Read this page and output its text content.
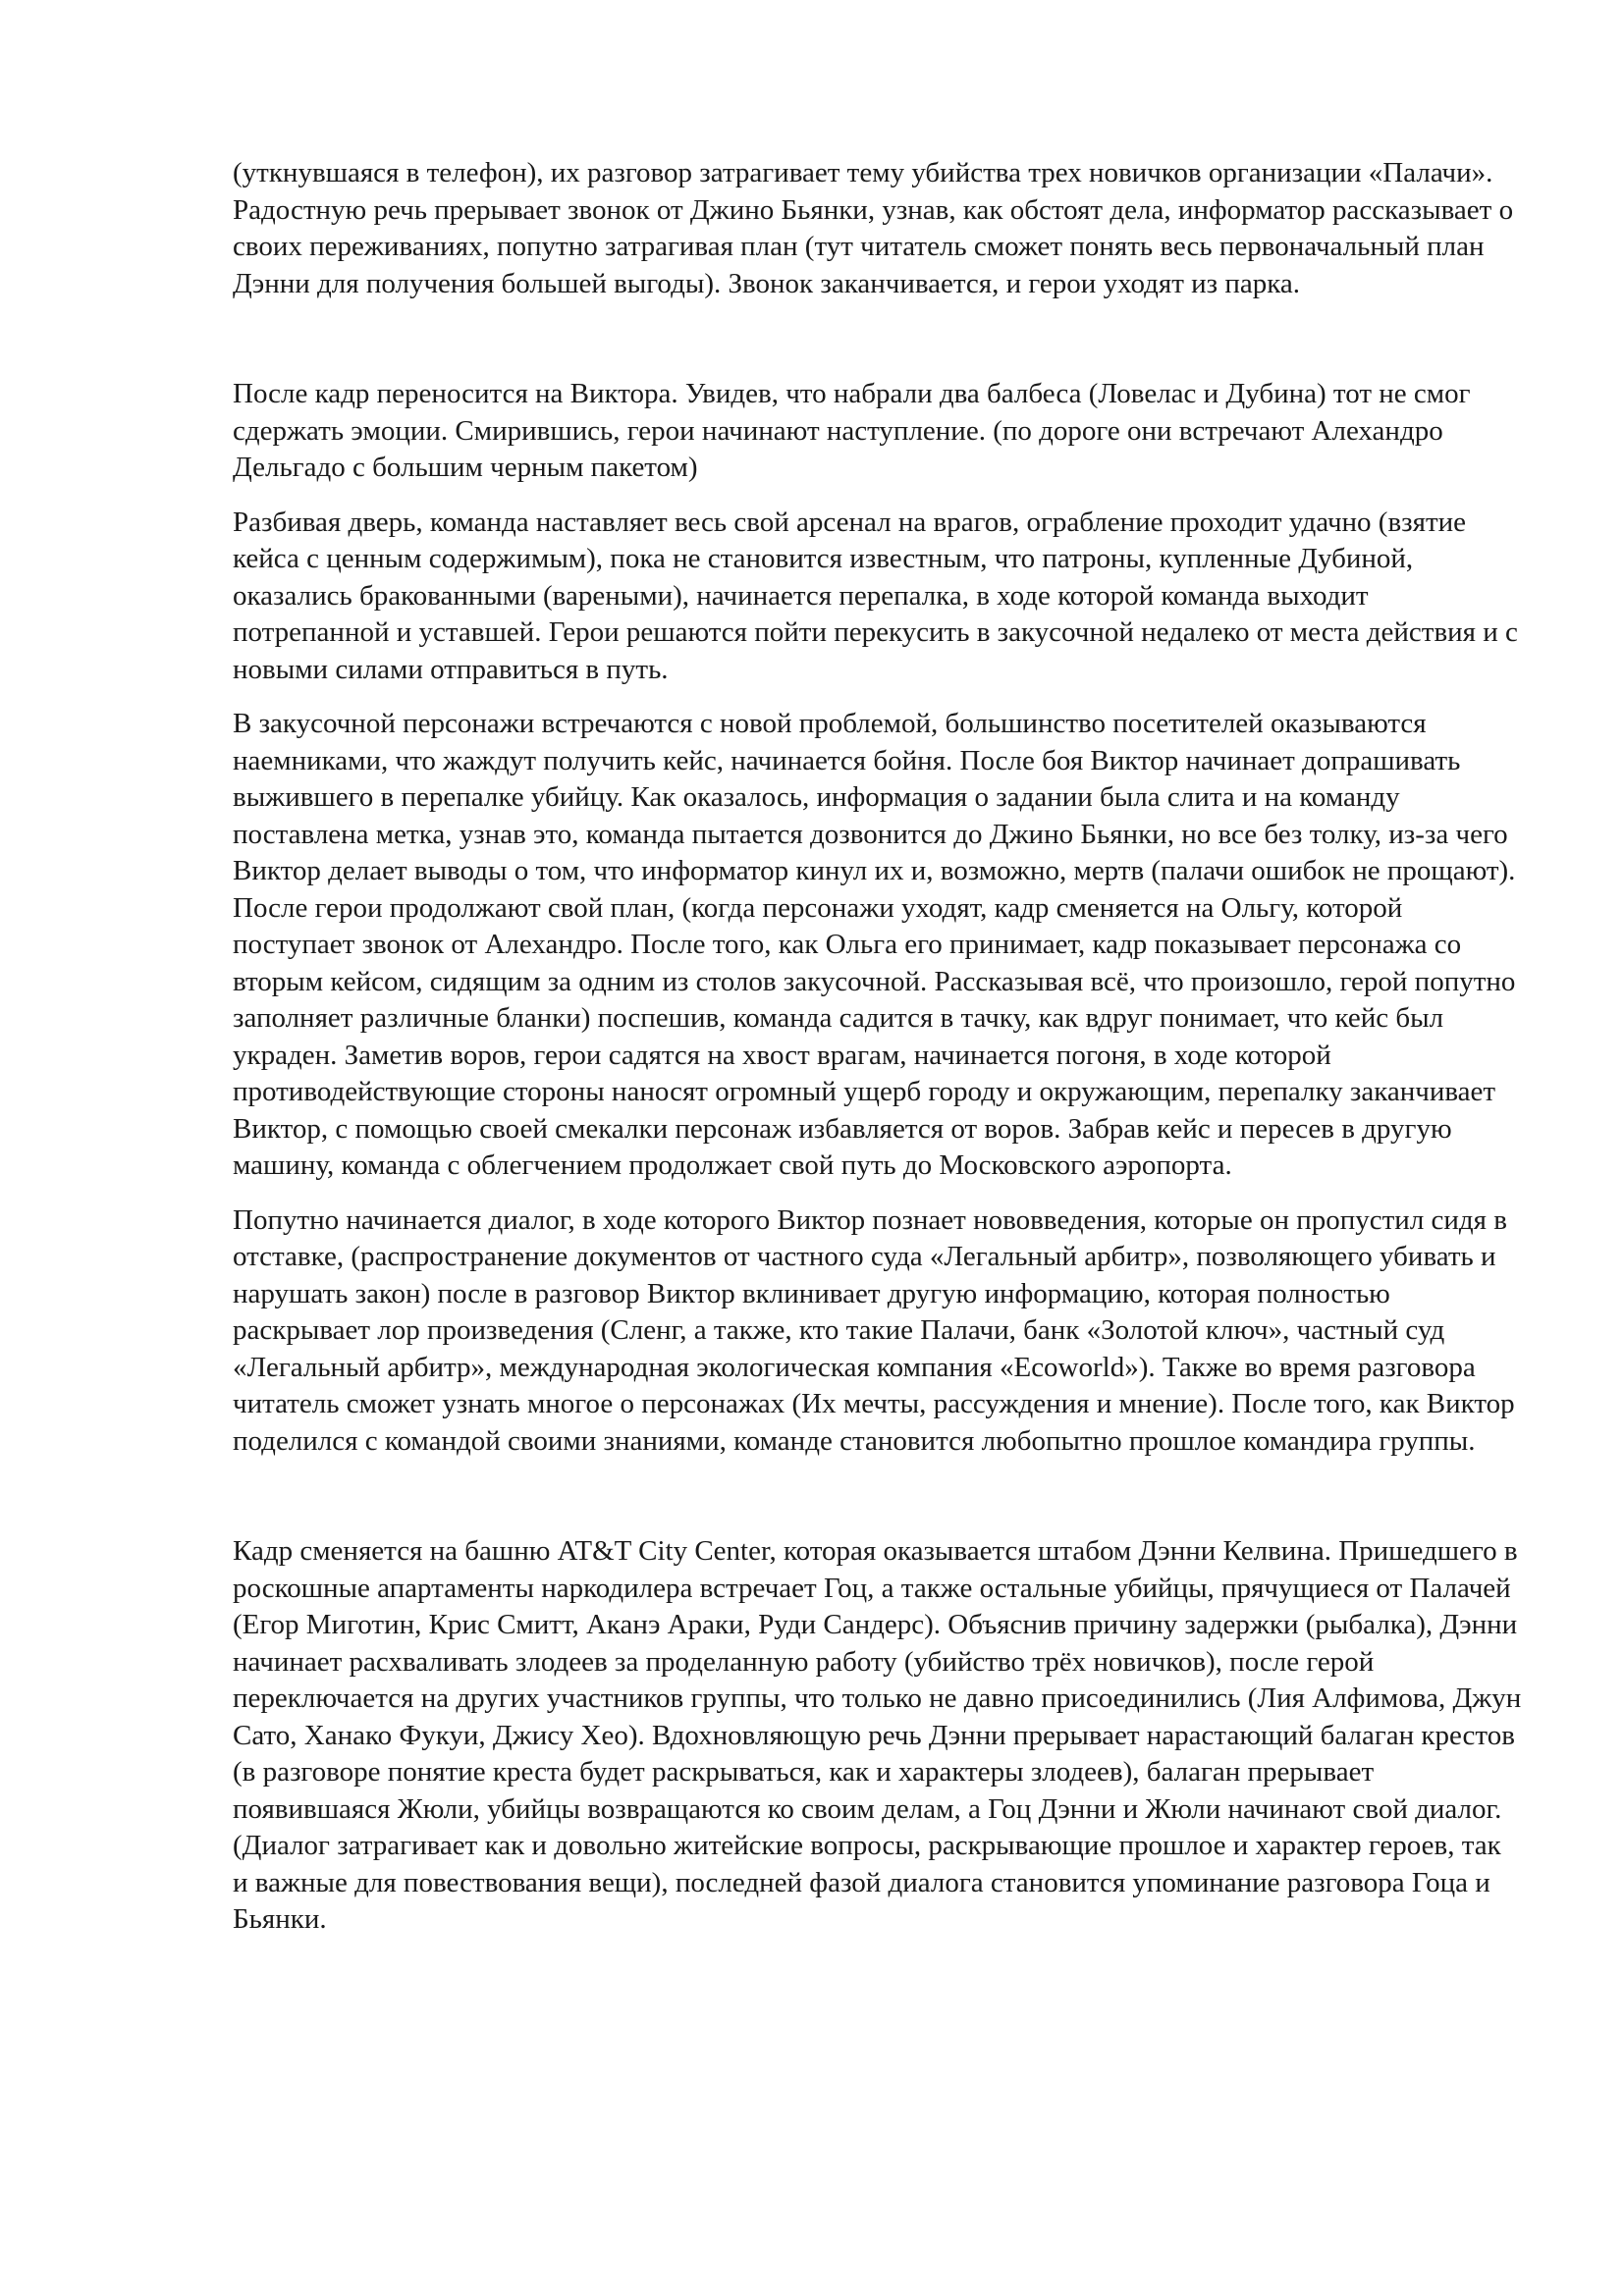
(уткнувшаяся в телефон), их разговор затрагивает тему убийства трех новичков организации «Палачи». Радостную речь прерывает звонок от Джино Бьянки, узнав, как обстоят дела, информатор рассказывает о своих переживаниях, попутно затрагивая план (тут читатель сможет понять весь первоначальный план Дэнни для получения большей выгоды). Звонок заканчивается, и герои уходят из парка.

После кадр переносится на Виктора. Увидев, что набрали два балбеса (Ловелас и Дубина) тот не смог сдержать эмоции. Смирившись, герои начинают наступление. (по дороге они встречают Алехандро Дельгадо с большим черным пакетом)

Разбивая дверь, команда наставляет весь свой арсенал на врагов, ограбление проходит удачно (взятие кейса с ценным содержимым), пока не становится известным, что патроны, купленные Дубиной, оказались бракованными (вареными), начинается перепалка, в ходе которой команда выходит потрепанной и уставшей. Герои решаются пойти перекусить в закусочной недалеко от места действия и с новыми силами отправиться в путь.

В закусочной персонажи встречаются с новой проблемой, большинство посетителей оказываются наемниками, что жаждут получить кейс, начинается бойня. После боя Виктор начинает допрашивать выжившего в перепалке убийцу. Как оказалось, информация о задании была слита и на команду поставлена метка, узнав это, команда пытается дозвонится до Джино Бьянки, но все без толку, из-за чего Виктор делает выводы о том, что информатор кинул их и, возможно, мертв (палачи ошибок не прощают). После герои продолжают свой план, (когда персонажи уходят, кадр сменяется на Ольгу, которой поступает звонок от Алехандро. После того, как Ольга его принимает, кадр показывает персонажа со вторым кейсом, сидящим за одним из столов закусочной. Рассказывая всё, что произошло, герой попутно заполняет различные бланки) поспешив, команда садится в тачку, как вдруг понимает, что кейс был украден. Заметив воров, герои садятся на хвост врагам, начинается погоня, в ходе которой противодействующие стороны наносят огромный ущерб городу и окружающим, перепалку заканчивает Виктор, с помощью своей смекалки персонаж избавляется от воров. Забрав кейс и пересев в другую машину, команда с облегчением продолжает свой путь до Московского аэропорта.

Попутно начинается диалог, в ходе которого Виктор познает нововведения, которые он пропустил сидя в отставке, (распространение документов от частного суда «Легальный арбитр», позволяющего убивать и нарушать закон) после в разговор Виктор вклинивает другую информацию, которая полностью раскрывает лор произведения (Сленг, а также, кто такие Палачи, банк «Золотой ключ», частный суд «Легальный арбитр», международная экологическая компания «Ecoworld»). Также во время разговора читатель сможет узнать многое о персонажах (Их мечты, рассуждения и мнение). После того, как Виктор поделился с командой своими знаниями, команде становится любопытно прошлое командира группы.

Кадр сменяется на башню AT&T City Center, которая оказывается штабом Дэнни Келвина. Пришедшего в роскошные апартаменты наркодилера встречает Гоц, а также остальные убийцы, прячущиеся от Палачей (Егор Миготин, Крис Смитт, Аканэ Араки, Руди Сандерс). Объяснив причину задержки (рыбалка), Дэнни начинает расхваливать злодеев за проделанную работу (убийство трёх новичков), после герой переключается на других участников группы, что только не давно присоединились (Лия Алфимова, Джун Сато, Ханако Фукуи, Джису Хео). Вдохновляющую речь Дэнни прерывает нарастающий балаган крестов (в разговоре понятие креста будет раскрываться, как и характеры злодеев), балаган прерывает появившаяся Жюли, убийцы возвращаются ко своим делам, а Гоц Дэнни и Жюли начинают свой диалог. (Диалог затрагивает как и довольно житейские вопросы, раскрывающие прошлое и характер героев, так и важные для повествования вещи), последней фазой диалога становится упоминание разговора Гоца и Бьянки.
